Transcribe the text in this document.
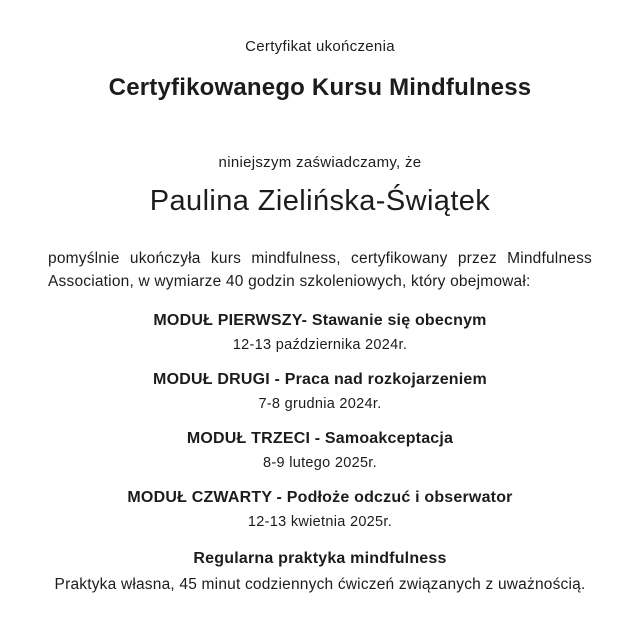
Certyfikat ukończenia
Certyfikowanego Kursu Mindfulness
niniejszym zaświadczamy, że
Paulina Zielińska-Świątek
pomyślnie ukończyła kurs mindfulness, certyfikowany przez Mindfulness Association, w wymiarze 40 godzin szkoleniowych, który obejmował:
MODUŁ PIERWSZY- Stawanie się obecnym
12-13 października 2024r.
MODUŁ DRUGI - Praca nad rozkojarzeniem
7-8 grudnia 2024r.
MODUŁ TRZECI - Samoakceptacja
8-9 lutego 2025r.
MODUŁ CZWARTY - Podłoże odczuć i obserwator
12-13 kwietnia 2025r.
Regularna praktyka mindfulness
Praktyka własna, 45 minut codziennych ćwiczeń związanych z uważnością.
